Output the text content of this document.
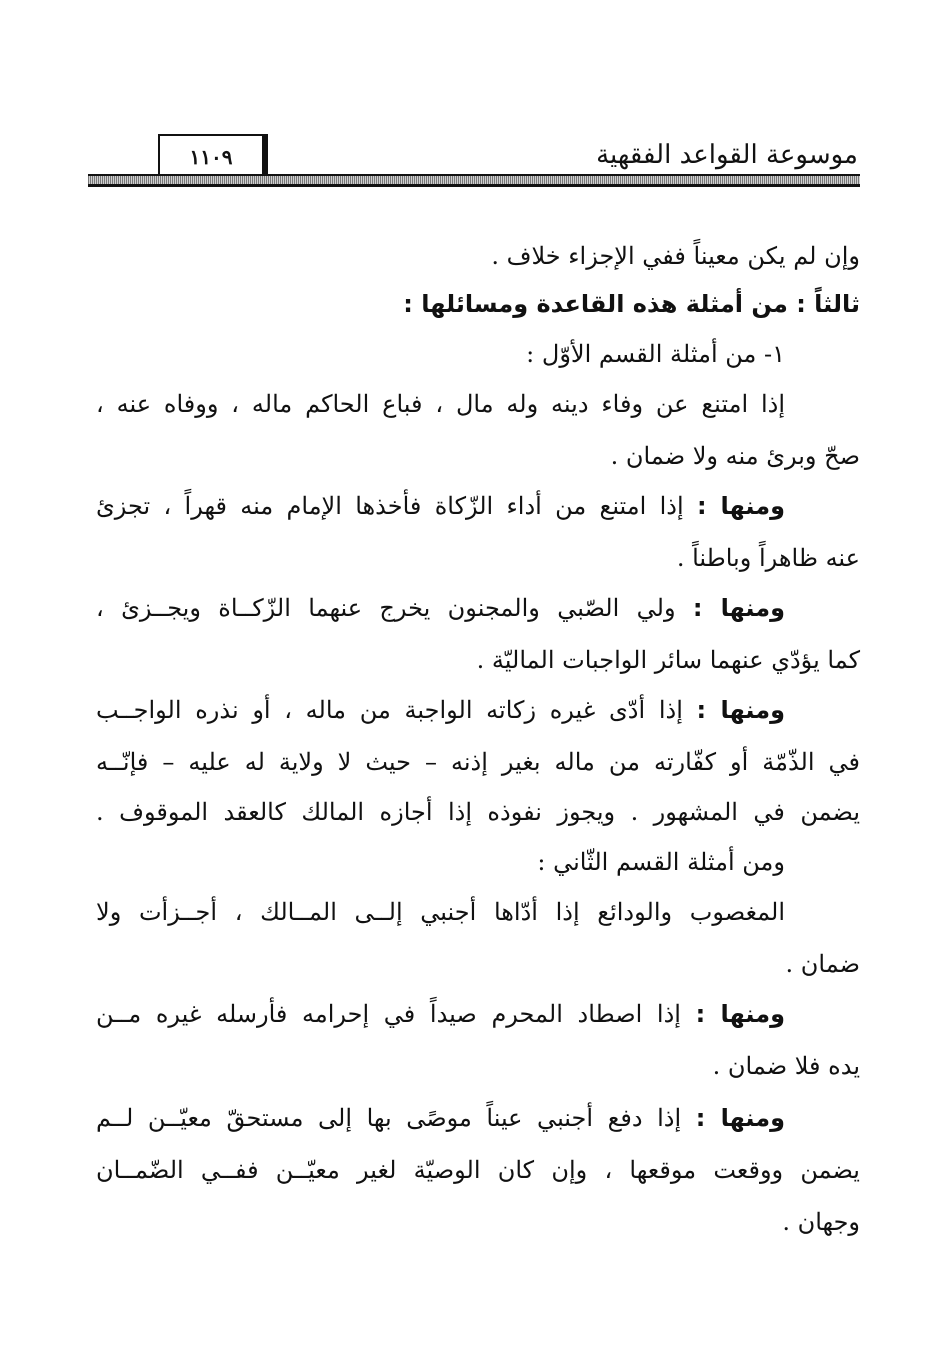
موسوعة القواعد الفقهية
١١٠٩
وإن لم يكن معيناً ففي الإجزاء خلاف .
ثالثاً : من أمثلة هذه القاعدة ومسائلها :
١- من أمثلة القسم الأوّل :
إذا امتنع عن وفاء دينه وله مال ، فباع الحاكم ماله ، ووفاه عنه ،
صحّ وبرئ منه ولا ضمان .
ومنها : إذا امتنع من أداء الزّكاة فأخذها الإمام منه قهراً ، تجزئ
عنه ظاهراً وباطناً .
ومنها : ولي الصّبي والمجنون يخرج عنهما الزّكــاة ويجــزئ ،
كما يؤدّي عنهما سائر الواجبات الماليّة .
ومنها : إذا أدّى غيره زكاته الواجبة من ماله ، أو نذره الواجــب
في الذّمّة أو كفّارته من ماله بغير إذنه – حيث لا ولاية له عليه – فإنّــه
يضمن في المشهور . ويجوز نفوذه إذا أجازه المالك كالعقد الموقوف .
ومن أمثلة القسم الثّاني :
المغصوب والودائع إذا أدّاها أجنبي إلــى المــالك ، أجــزأت ولا
ضمان .
ومنها : إذا اصطاد المحرم صيداً في إحرامه فأرسله غيره مــن
يده فلا ضمان .
ومنها : إذا دفع أجنبي عيناً موصًى بها إلى مستحقّ معيّــن لــم
يضمن ووقعت موقعها ، وإن كان الوصيّة لغير معيّــن ففــي الضّمــان
وجهان .
